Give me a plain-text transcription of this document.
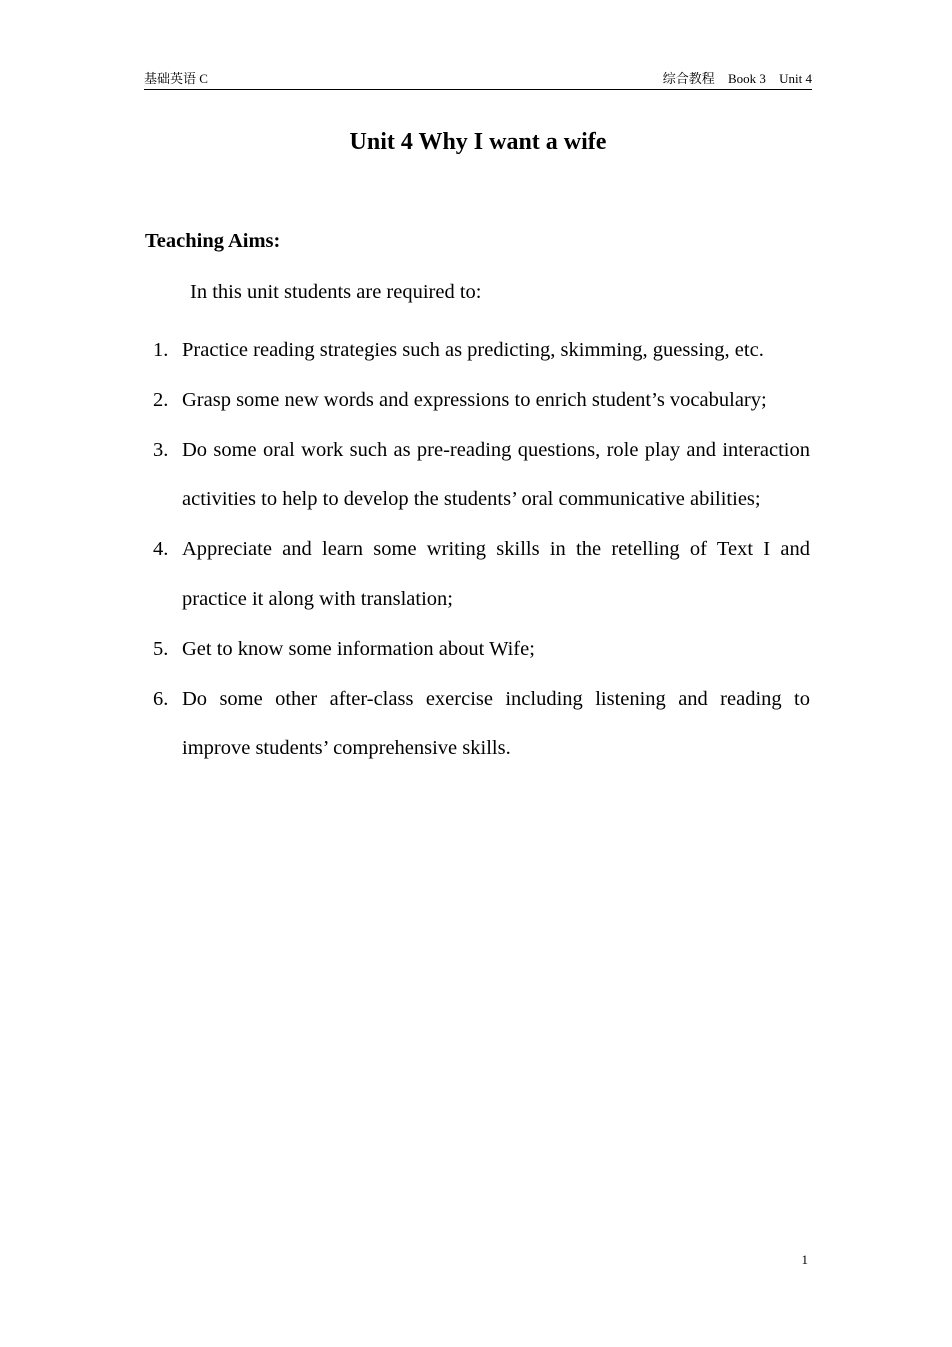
基础英语 C	综合教程 Book 3 Unit 4
Unit 4 Why I want a wife
Teaching Aims:
In this unit students are required to:
1. Practice reading strategies such as predicting, skimming, guessing, etc.
2. Grasp some new words and expressions to enrich student’s vocabulary;
3. Do some oral work such as pre-reading questions, role play and interaction activities to help to develop the students’ oral communicative abilities;
4. Appreciate and learn some writing skills in the retelling of Text I and practice it along with translation;
5. Get to know some information about Wife;
6. Do some other after-class exercise including listening and reading to improve students’ comprehensive skills.
1
